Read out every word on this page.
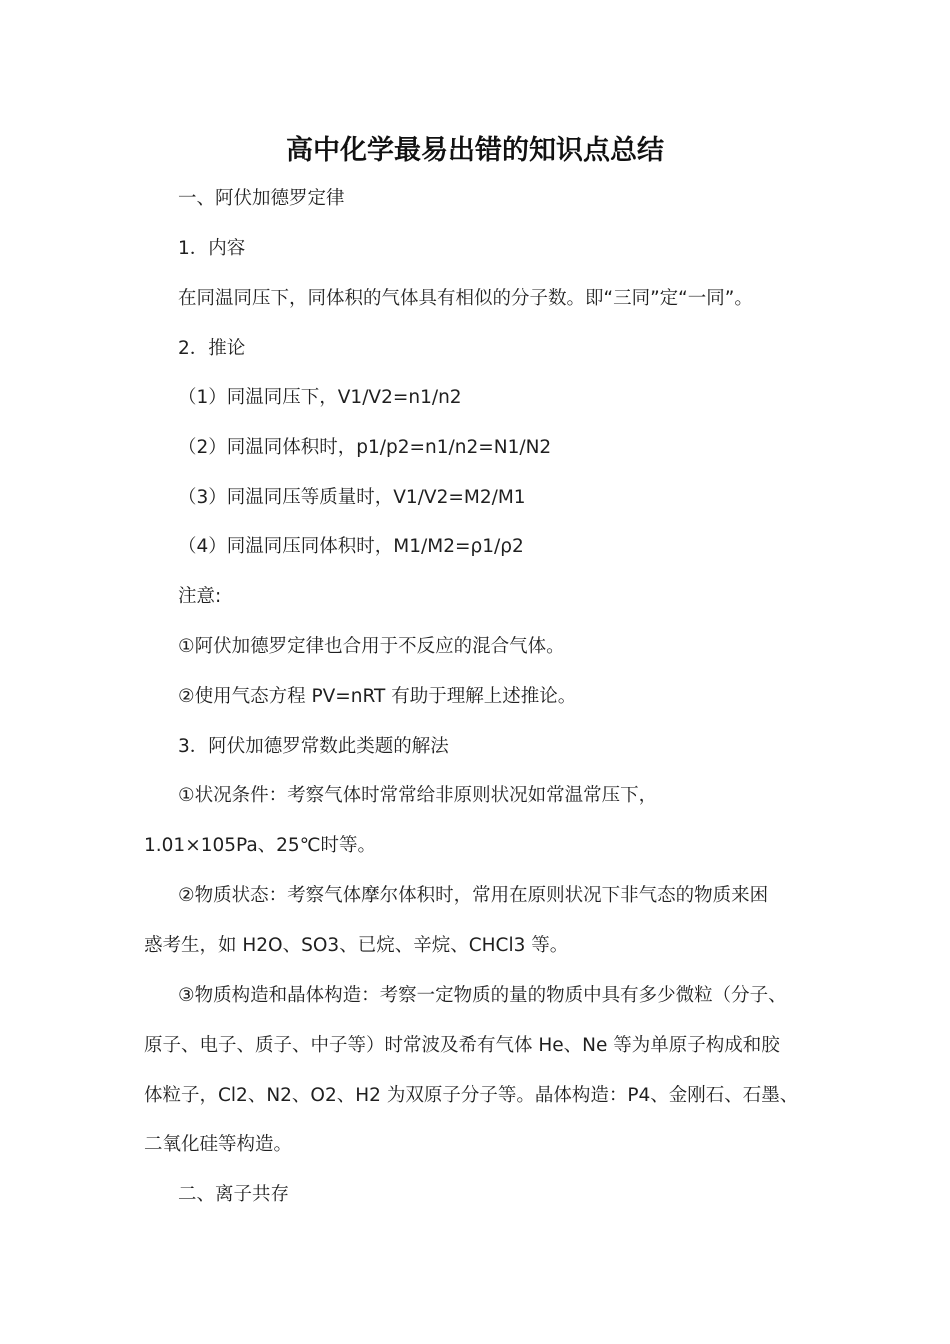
高中化学最易出错的知识点总结

一、阿伏加德罗定律

1．内容

在同温同压下，同体积的气体具有相似的分子数。即“三同”定“一同”。

2．推论

（1）同温同压下，V1/V2=n1/n2

（2）同温同体积时，p1/p2=n1/n2=N1/N2

（3）同温同压等质量时，V1/V2=M2/M1

（4）同温同压同体积时，M1/M2=ρ1/ρ2

注意:

①阿伏加德罗定律也合用于不反应的混合气体。

②使用气态方程 PV=nRT 有助于理解上述推论。

3．阿伏加德罗常数此类题的解法

①状况条件：考察气体时常常给非原则状况如常温常压下，

1.01×105Pa、25℃时等。

②物质状态：考察气体摩尔体积时，常用在原则状况下非气态的物质来困

惑考生，如 H2O、SO3、已烷、辛烷、CHCl3 等。

③物质构造和晶体构造：考察一定物质的量的物质中具有多少微粒（分子、

原子、电子、质子、中子等）时常波及希有气体 He、Ne 等为单原子构成和胶

体粒子，Cl2、N2、O2、H2 为双原子分子等。晶体构造：P4、金刚石、石墨、

二氧化硅等构造。

二、离子共存
